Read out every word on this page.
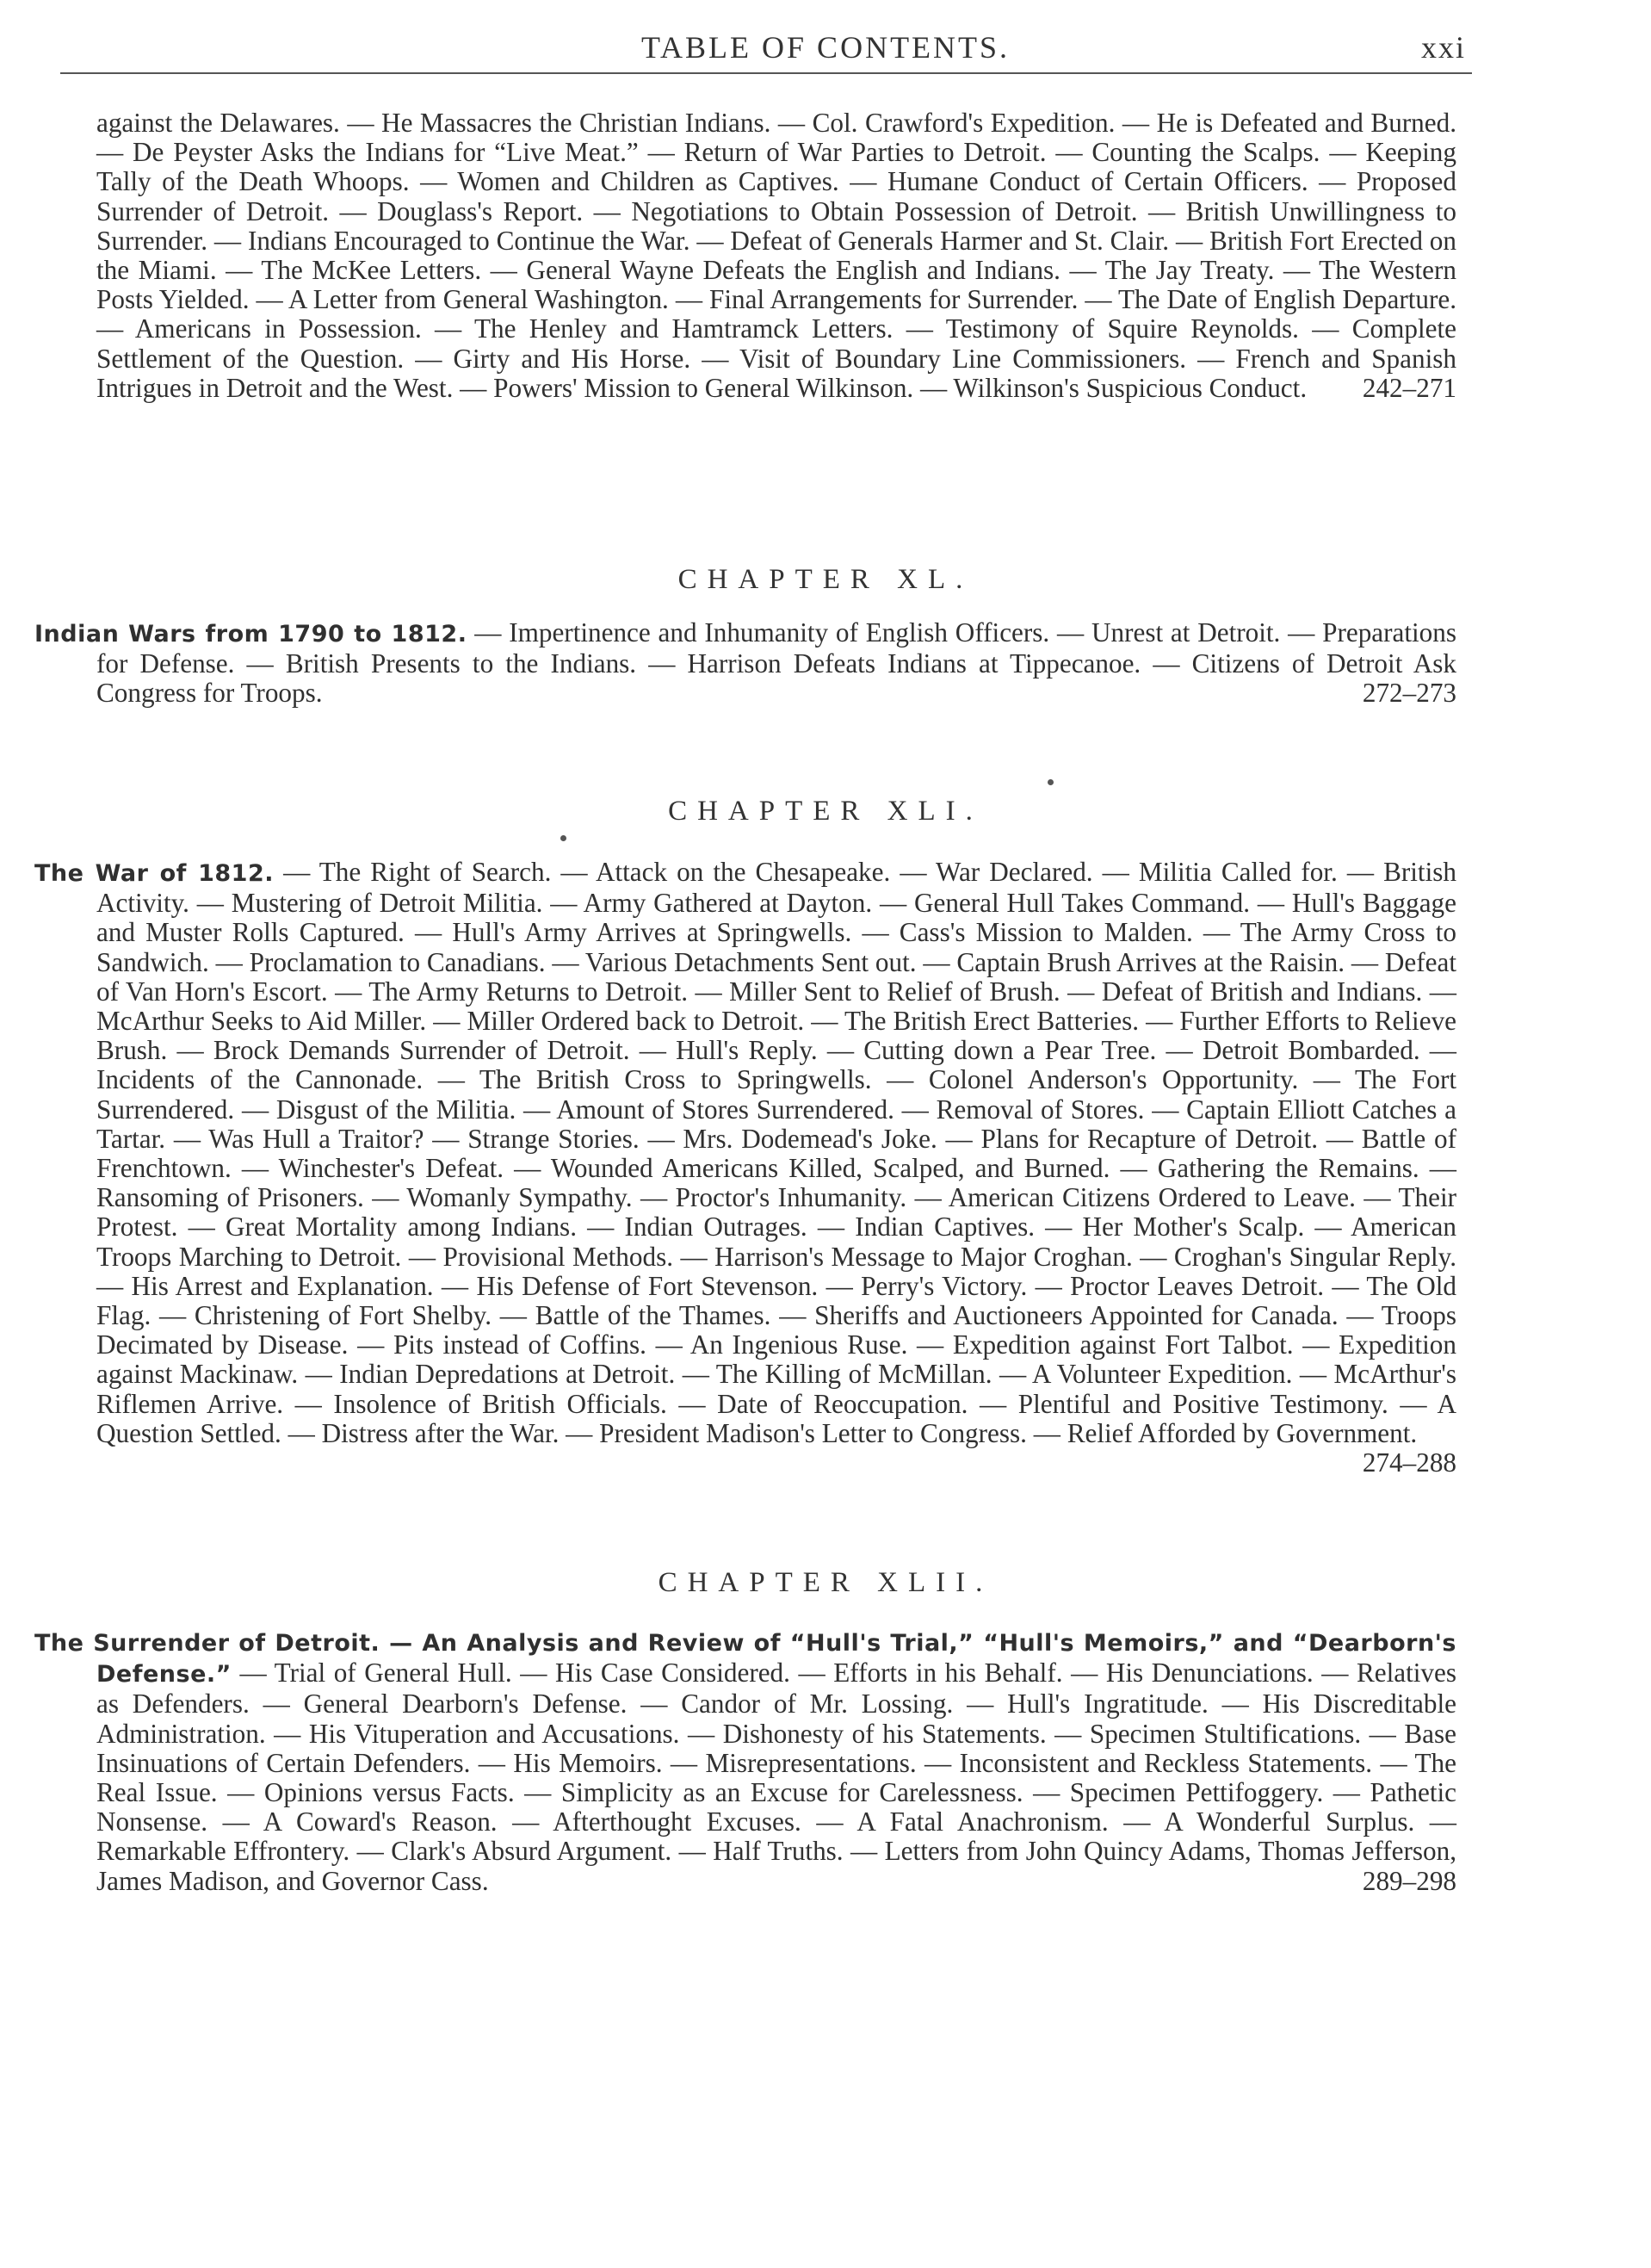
TABLE OF CONTENTS.	xxi
against the Delawares. — He Massacres the Christian Indians. — Col. Crawford's Expedition. — He is Defeated and Burned. — De Peyster Asks the Indians for “Live Meat.” — Return of War Parties to Detroit. — Counting the Scalps. — Keeping Tally of the Death Whoops. — Women and Children as Captives. — Humane Conduct of Certain Officers. — Proposed Surrender of Detroit. — Douglass's Report. — Negotiations to Obtain Possession of Detroit. — British Unwillingness to Surrender. — Indians Encouraged to Continue the War. — Defeat of Generals Harmer and St. Clair. — British Fort Erected on the Miami. — The McKee Letters. — General Wayne Defeats the English and Indians. — The Jay Treaty. — The Western Posts Yielded. — A Letter from General Washington. — Final Arrangements for Surrender. — The Date of English Departure. — Americans in Possession. — The Henley and Hamtramck Letters. — Testimony of Squire Reynolds. — Complete Settlement of the Question. — Girty and His Horse. — Visit of Boundary Line Commissioners. — French and Spanish Intrigues in Detroit and the West. — Powers' Mission to General Wilkinson. — Wilkinson's Suspicious Conduct. 242–271
CHAPTER XL.
Indian Wars from 1790 to 1812. — Impertinence and Inhumanity of English Officers. — Unrest at Detroit. — Preparations for Defense. — British Presents to the Indians. — Harrison Defeats Indians at Tippecanoe. — Citizens of Detroit Ask Congress for Troops.	272–273
CHAPTER XLI.
The War of 1812. — The Right of Search. — Attack on the Chesapeake. — War Declared. — Militia Called for. — British Activity. — Mustering of Detroit Militia. — Army Gathered at Dayton. — General Hull Takes Command. — Hull's Baggage and Muster Rolls Captured. — Hull's Army Arrives at Springwells. — Cass's Mission to Malden. — The Army Cross to Sandwich. — Proclamation to Canadians. — Various Detachments Sent out. — Captain Brush Arrives at the Raisin. — Defeat of Van Horn's Escort. — The Army Returns to Detroit. — Miller Sent to Relief of Brush. — Defeat of British and Indians. — McArthur Seeks to Aid Miller. — Miller Ordered back to Detroit. — The British Erect Batteries. — Further Efforts to Relieve Brush. — Brock Demands Surrender of Detroit. — Hull's Reply. — Cutting down a Pear Tree. — Detroit Bombarded. — Incidents of the Cannonade. — The British Cross to Springwells. — Colonel Anderson's Opportunity. — The Fort Surrendered. — Disgust of the Militia. — Amount of Stores Surrendered. — Removal of Stores. — Captain Elliott Catches a Tartar. — Was Hull a Traitor? — Strange Stories. — Mrs. Dodemead's Joke. — Plans for Recapture of Detroit. — Battle of Frenchtown. — Winchester's Defeat. — Wounded Americans Killed, Scalped, and Burned. — Gathering the Remains. — Ransoming of Prisoners. — Womanly Sympathy. — Proctor's Inhumanity. — American Citizens Ordered to Leave. — Their Protest. — Great Mortality among Indians. — Indian Outrages. — Indian Captives. — Her Mother's Scalp. — American Troops Marching to Detroit. — Provisional Methods. — Harrison's Message to Major Croghan. — Croghan's Singular Reply. — His Arrest and Explanation. — His Defense of Fort Stevenson. — Perry's Victory. — Proctor Leaves Detroit. — The Old Flag. — Christening of Fort Shelby. — Battle of the Thames. — Sheriffs and Auctioneers Appointed for Canada. — Troops Decimated by Disease. — Pits instead of Coffins. — An Ingenious Ruse. — Expedition against Fort Talbot. — Expedition against Mackinaw. — Indian Depredations at Detroit. — The Killing of McMillan. — A Volunteer Expedition. — McArthur's Riflemen Arrive. — Insolence of British Officials. — Date of Reoccupation. — Plentiful and Positive Testimony. — A Question Settled. — Distress after the War. — President Madison's Letter to Congress. — Relief Afforded by Government.
274–288
CHAPTER XLII.
The Surrender of Detroit. — An Analysis and Review of “Hull's Trial,” “Hull's Memoirs,” and “Dearborn's Defense.” — Trial of General Hull. — His Case Considered. — Efforts in his Behalf. — His Denunciations. — Relatives as Defenders. — General Dearborn's Defense. — Candor of Mr. Lossing. — Hull's Ingratitude. — His Discreditable Administration. — His Vituperation and Accusations. — Dishonesty of his Statements. — Specimen Stultifications. — Base Insinuations of Certain Defenders. — His Memoirs. — Misrepresentations. — Inconsistent and Reckless Statements. — The Real Issue. — Opinions versus Facts. — Simplicity as an Excuse for Carelessness. — Specimen Pettifoggery. — Pathetic Nonsense. — A Coward's Reason. — Afterthought Excuses. — A Fatal Anachronism. — A Wonderful Surplus. — Remarkable Effrontery. — Clark's Absurd Argument. — Half Truths. — Letters from John Quincy Adams, Thomas Jefferson, James Madison, and Governor Cass.	289–298
